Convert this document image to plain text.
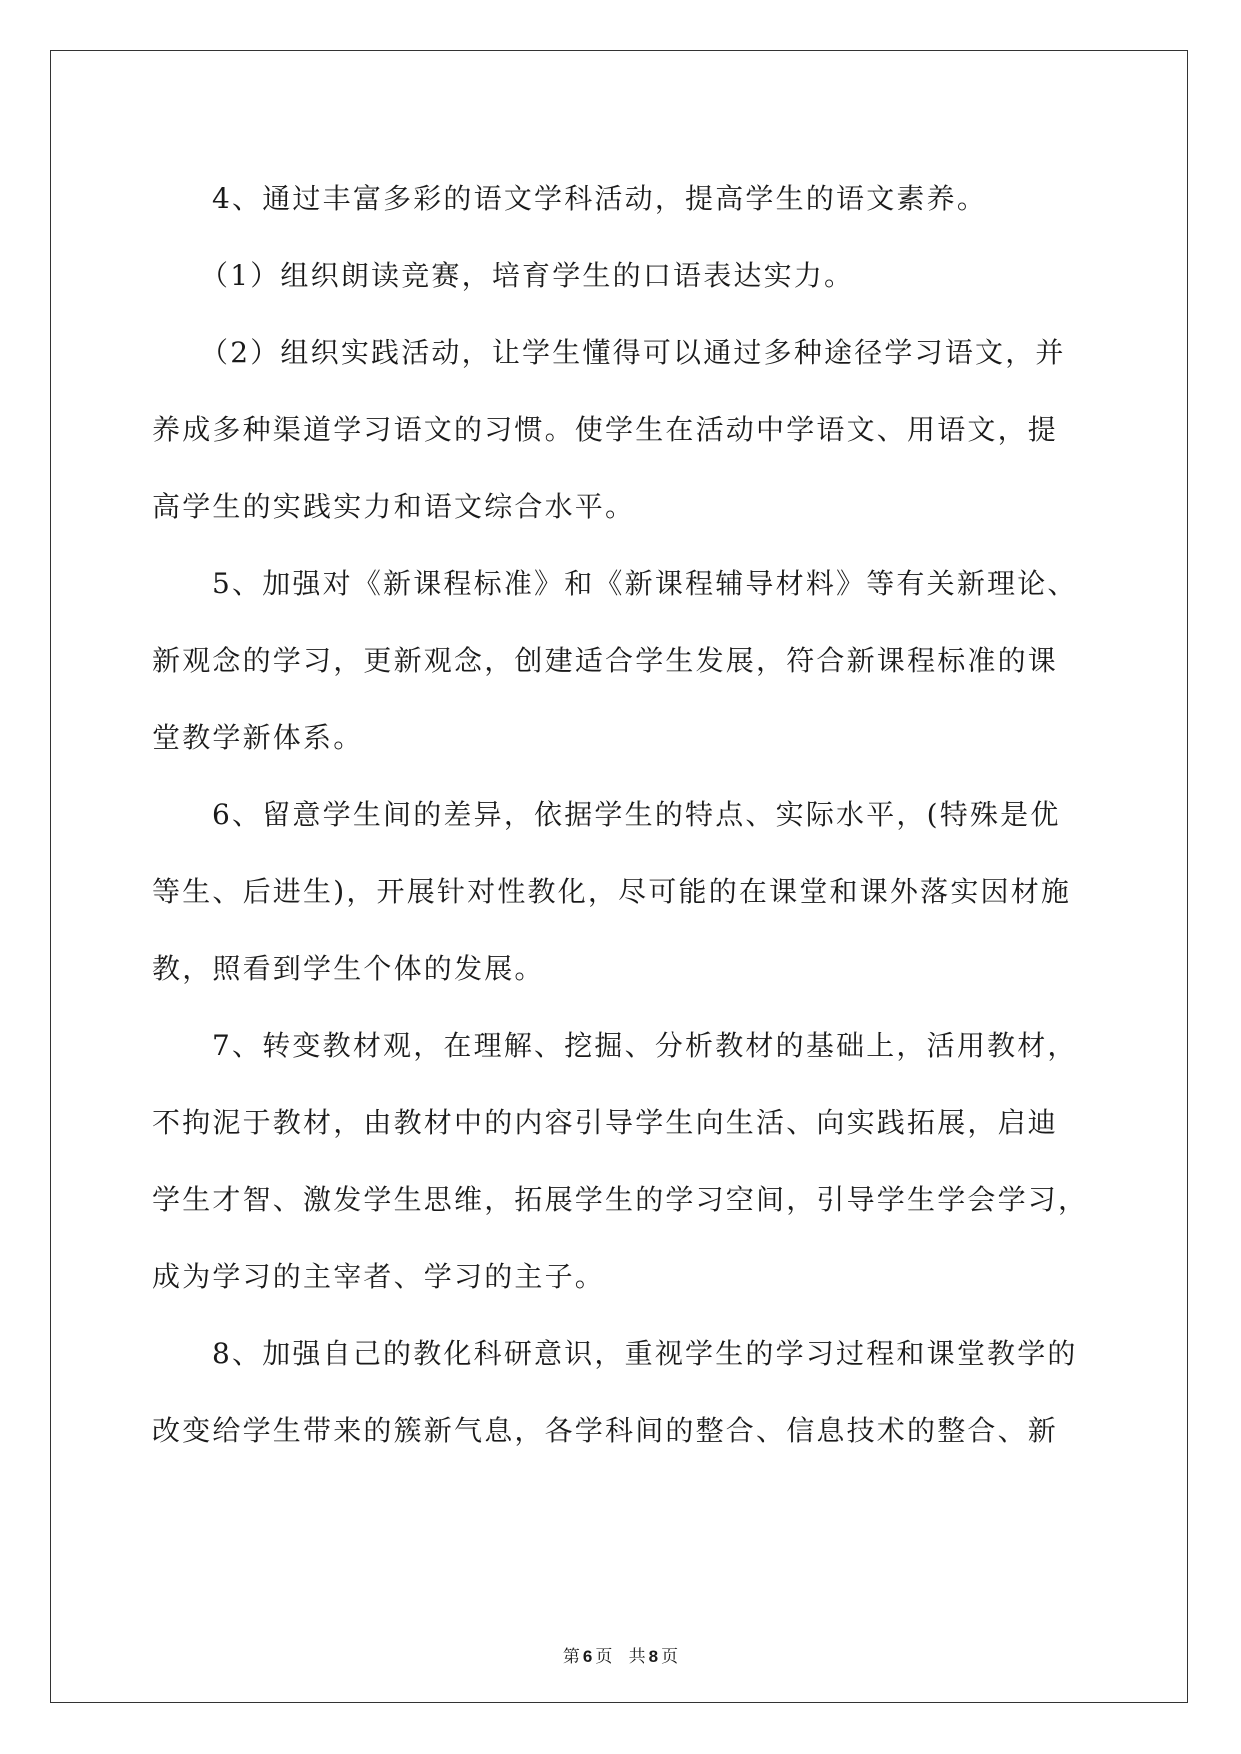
4、通过丰富多彩的语文学科活动，提高学生的语文素养。

（1）组织朗读竞赛，培育学生的口语表达实力。

（2）组织实践活动，让学生懂得可以通过多种途径学习语文，并
养成多种渠道学习语文的习惯。使学生在活动中学语文、用语文，提
高学生的实践实力和语文综合水平。

5、加强对《新课程标准》和《新课程辅导材料》等有关新理论、
新观念的学习，更新观念，创建适合学生发展，符合新课程标准的课
堂教学新体系。

6、留意学生间的差异，依据学生的特点、实际水平，(特殊是优
等生、后进生)，开展针对性教化，尽可能的在课堂和课外落实因材施
教，照看到学生个体的发展。

7、转变教材观，在理解、挖掘、分析教材的基础上，活用教材，
不拘泥于教材，由教材中的内容引导学生向生活、向实践拓展，启迪
学生才智、激发学生思维，拓展学生的学习空间，引导学生学会学习，
成为学习的主宰者、学习的主子。

8、加强自己的教化科研意识，重视学生的学习过程和课堂教学的
改变给学生带来的簇新气息，各学科间的整合、信息技术的整合、新

第 6 页 共 8 页
